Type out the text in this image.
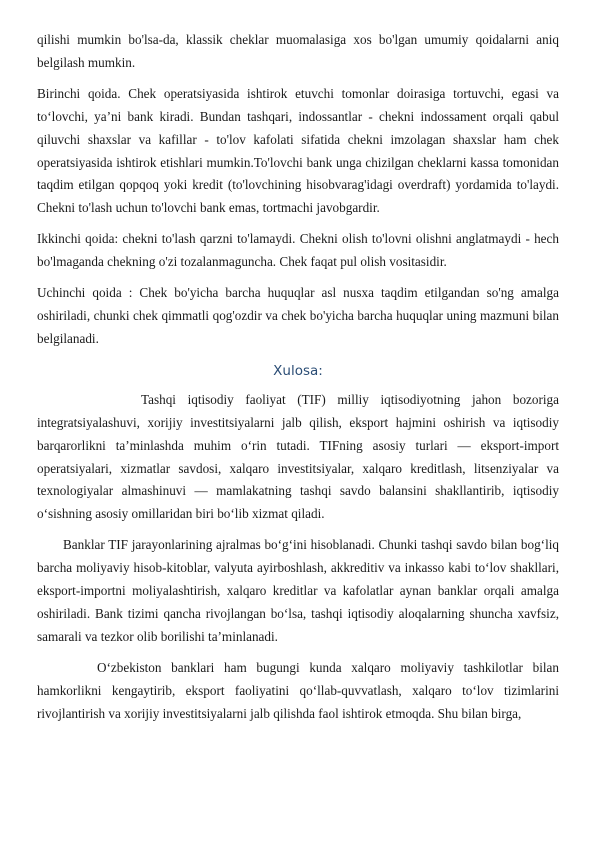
qilishi mumkin bo'lsa-da, klassik cheklar muomalasiga xos bo'lgan umumiy qoidalarni aniq belgilash mumkin.

Birinchi qoida. Chek operatsiyasida ishtirok etuvchi tomonlar doirasiga tortuvchi, egasi va to‘lovchi, ya’ni bank kiradi. Bundan tashqari, indossantlar - chekni indossament orqali qabul qiluvchi shaxslar va kafillar - to'lov kafolati sifatida chekni imzolagan shaxslar ham chek operatsiyasida ishtirok etishlari mumkin.To'lovchi bank unga chizilgan cheklarni kassa tomonidan taqdim etilgan qopqoq yoki kredit (to'lovchining hisobvarag'idagi overdraft) yordamida to'laydi. Chekni to'lash uchun to'lovchi bank emas, tortmachi javobgardir.

Ikkinchi qoida: chekni to'lash qarzni to'lamaydi. Chekni olish to'lovni olishni anglatmaydi - hech bo'lmaganda chekning o'zi tozalanmaguncha. Chek faqat pul olish vositasidir.

Uchinchi qoida : Chek bo'yicha barcha huquqlar asl nusxa taqdim etilgandan so'ng amalga oshiriladi, chunki chek qimmatli qog'ozdir va chek bo'yicha barcha huquqlar uning mazmuni bilan belgilanadi.

Xulosa:

Tashqi iqtisodiy faoliyat (TIF) milliy iqtisodiyotning jahon bozoriga integratsiyalashuvi, xorijiy investitsiyalarni jalb qilish, eksport hajmini oshirish va iqtisodiy barqarorlikni ta’minlashda muhim o‘rin tutadi. TIFning asosiy turlari — eksport-import operatsiyalari, xizmatlar savdosi, xalqaro investitsiyalar, xalqaro kreditlash, litsenziyalar va texnologiyalar almashinuvi — mamlakatning tashqi savdo balansini shakllantirib, iqtisodiy o‘sishning asosiy omillaridan biri bo‘lib xizmat qiladi.

Banklar TIF jarayonlarining ajralmas bo‘g‘ini hisoblanadi. Chunki tashqi savdo bilan bog‘liq barcha moliyaviy hisob-kitoblar, valyuta ayirboshlash, akkreditiv va inkasso kabi to‘lov shakllari, eksport-importni moliyalashtirish, xalqaro kreditlar va kafolatlar aynan banklar orqali amalga oshiriladi. Bank tizimi qancha rivojlangan bo‘lsa, tashqi iqtisodiy aloqalarning shuncha xavfsiz, samarali va tezkor olib borilishi ta’minlanadi.

O‘zbekiston banklari ham bugungi kunda xalqaro moliyaviy tashkilotlar bilan hamkorlikni kengaytirib, eksport faoliyatini qo‘llab-quvvatlash, xalqaro to‘lov tizimlarini rivojlantirish va xorijiy investitsiyalarni jalb qilishda faol ishtirok etmoqda. Shu bilan birga,
